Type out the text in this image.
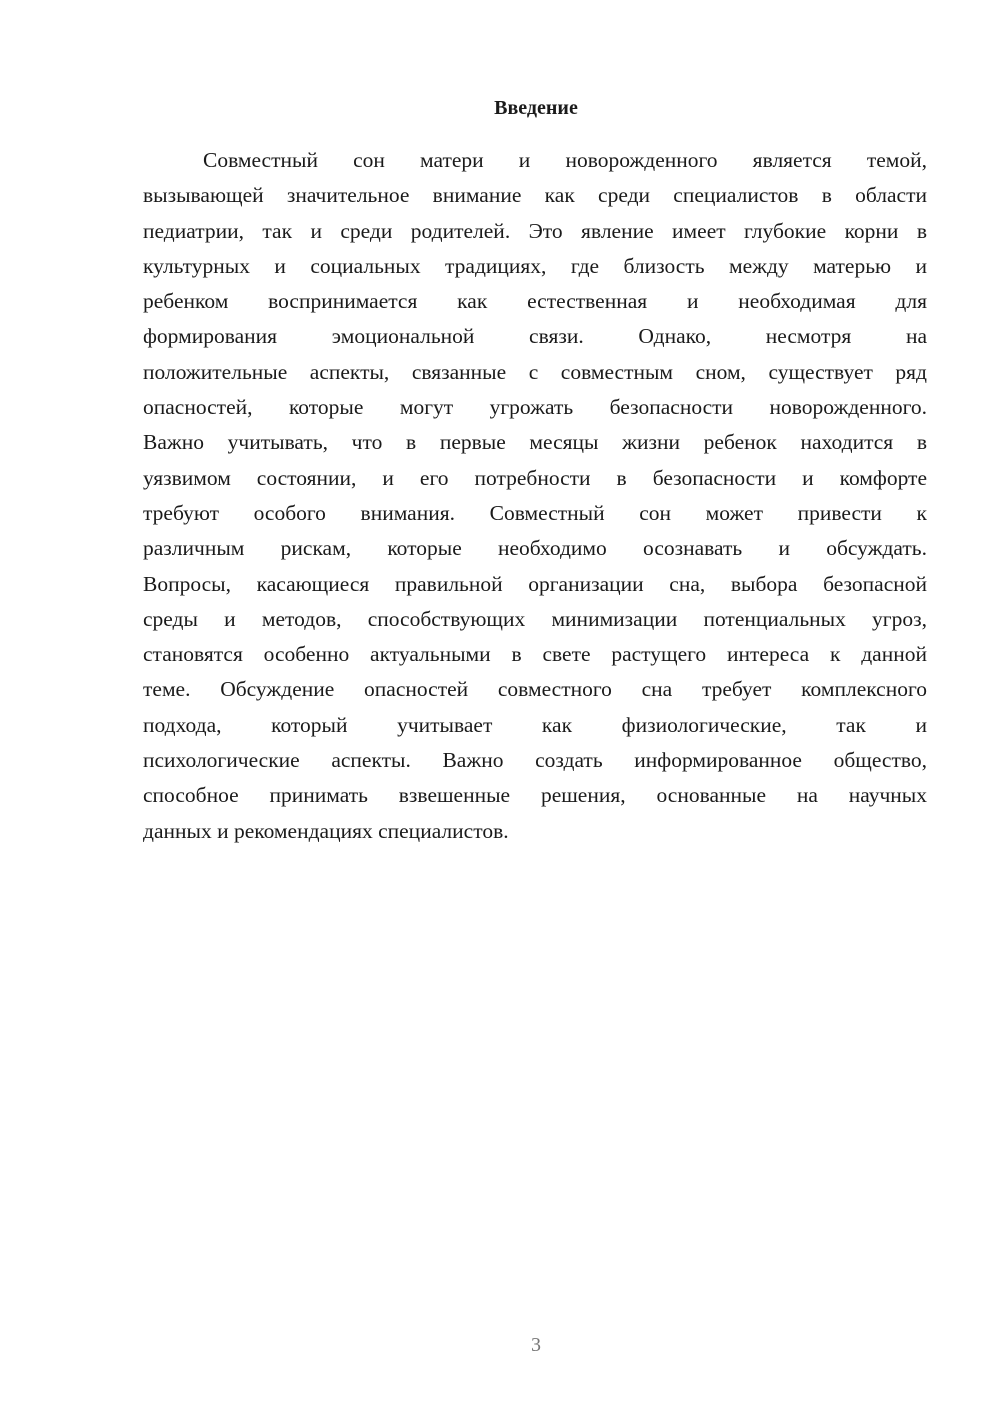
Введение
Совместный сон матери и новорожденного является темой,
вызывающей значительное внимание как среди специалистов в области
педиатрии, так и среди родителей. Это явление имеет глубокие корни в
культурных и социальных традициях, где близость между матерью и
ребенком воспринимается как естественная и необходимая для
формирования эмоциональной связи. Однако, несмотря на
положительные аспекты, связанные с совместным сном, существует ряд
опасностей, которые могут угрожать безопасности новорожденного.
Важно учитывать, что в первые месяцы жизни ребенок находится в
уязвимом состоянии, и его потребности в безопасности и комфорте
требуют особого внимания. Совместный сон может привести к
различным рискам, которые необходимо осознавать и обсуждать.
Вопросы, касающиеся правильной организации сна, выбора безопасной
среды и методов, способствующих минимизации потенциальных угроз,
становятся особенно актуальными в свете растущего интереса к данной
теме. Обсуждение опасностей совместного сна требует комплексного
подхода, который учитывает как физиологические, так и
психологические аспекты. Важно создать информированное общество,
способное принимать взвешенные решения, основанные на научных
данных и рекомендациях специалистов.
3
